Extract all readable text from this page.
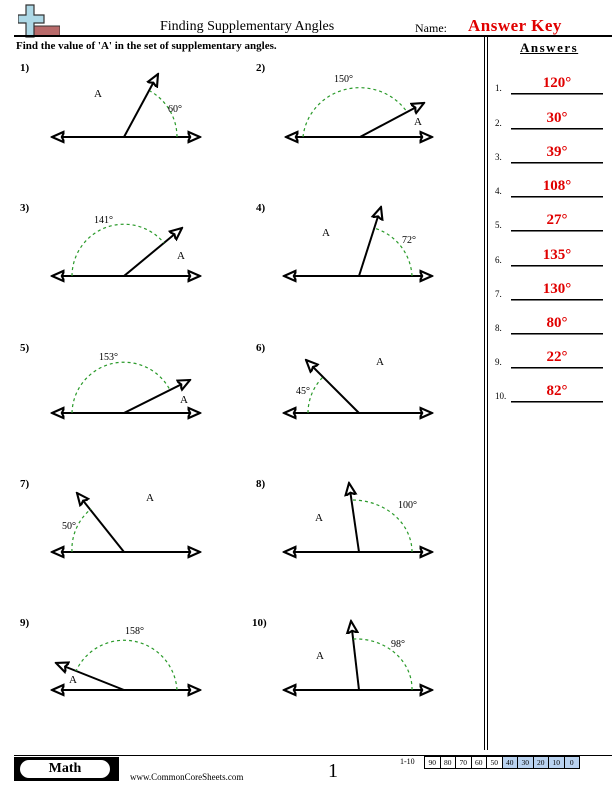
Finding Supplementary Angles	Name: Answer Key
Find the value of 'A' in the set of supplementary angles.	Answers
1.	120°
2.	30°
3.	39°
4.	108°
5.	27°
6.	135°
7.	130°
8.	80°
9.	22°
10.	82°
1)
A
60°
2)
150°
A
3)
141°
A
4)
A
72°
5)
153°
A
6)
A
45°
7)
A
50°
8)
A
100°
9)
158°
A
10)
A
98°
Math
www.CommonCoreSheets.com	1	1-10	90	80	70	60	50	40	30	20	10	0
